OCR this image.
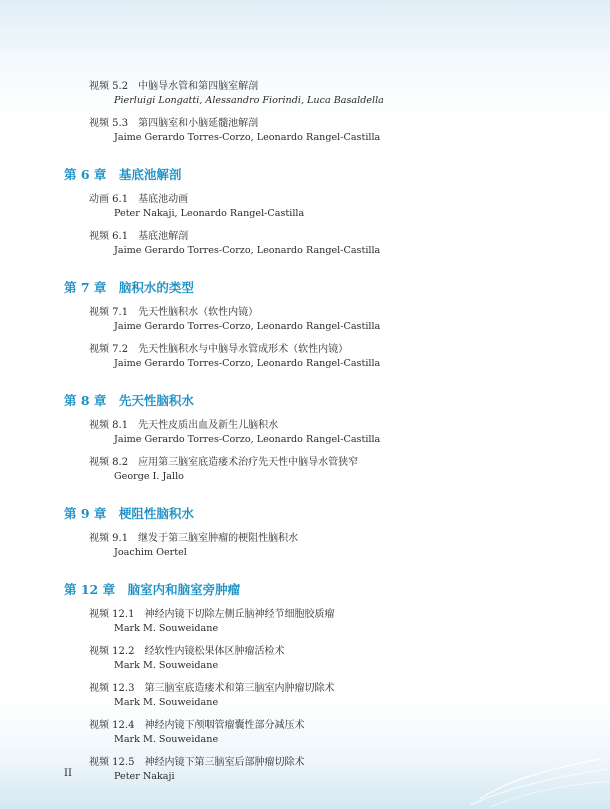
视频 5.2 中脑导水管和第四脑室解剖
Pierluigi Longatti, Alessandro Fiorindi, Luca Basaldella
视频 5.3 第四脑室和小脑延髓池解剖
Jaime Gerardo Torres-Corzo, Leonardo Rangel-Castilla
第 6 章　基底池解剖
动画 6.1 基底池动画
Peter Nakaji, Leonardo Rangel-Castilla
视频 6.1 基底池解剖
Jaime Gerardo Torres-Corzo, Leonardo Rangel-Castilla
第 7 章　脑积水的类型
视频 7.1 先天性脑积水（软性内镜）
Jaime Gerardo Torres-Corzo, Leonardo Rangel-Castilla
视频 7.2 先天性脑积水与中脑导水管成形术（软性内镜）
Jaime Gerardo Torres-Corzo, Leonardo Rangel-Castilla
第 8 章　先天性脑积水
视频 8.1 先天性皮质出血及新生儿脑积水
Jaime Gerardo Torres-Corzo, Leonardo Rangel-Castilla
视频 8.2 应用第三脑室底造瘘术治疗先天性中脑导水管狭窄
George I. Jallo
第 9 章　梗阻性脑积水
视频 9.1 继发于第三脑室肿瘤的梗阻性脑积水
Joachim Oertel
第 12 章　脑室内和脑室旁肿瘤
视频 12.1 神经内镜下切除左侧丘脑神经节细胞胶质瘤
Mark M. Souweidane
视频 12.2 经软性内镜松果体区肿瘤活检术
Mark M. Souweidane
视频 12.3 第三脑室底造瘘术和第三脑室内肿瘤切除术
Mark M. Souweidane
视频 12.4 神经内镜下颅咽管瘤囊性部分减压术
Mark M. Souweidane
视频 12.5 神经内镜下第三脑室后部肿瘤切除术
Peter Nakaji
II
